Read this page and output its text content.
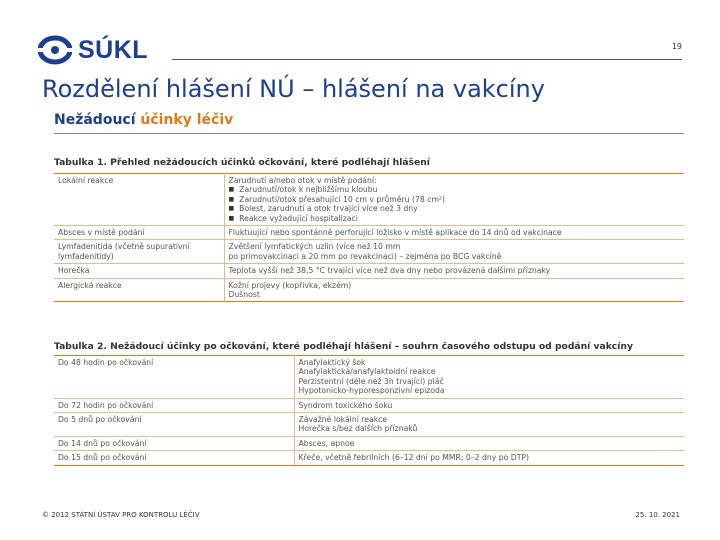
SÚKL	19
Rozdělení hlášení NÚ – hlášení na vakcíny
Nežádoucí účinky léčiv
Tabulka 1. Přehled nežádoucích účinků očkování, které podléhají hlášení
Lokální reakce	Zarudnutí a/nebo otok v místě podání:
■ Zarudnutí/otok k nejbližšímu kloubu
■ Zarudnutí/otok přesahující 10 cm v průměru (78 cm²)
■ Bolest, zarudnutí a otok trvající více než 3 dny
■ Reakce vyžadující hospitalizaci

Absces v místě podání	Fluktuující nebo spontánně perforující ložisko v místě aplikace do 14 dnů od vakcinace

Lymfadenitida (včetně supurativní lymfadenitidy)	Zvětšení lymfatických uzlin (více než 10 mm
po primovakcinaci a 20 mm po revakcinaci) – zejména po BCG vakcíně

Horečka	Teplota vyšší než 38,5 °C trvající více než dva dny nebo provázená dalšími příznaky

Alergická reakce	Kožní projevy (kopřivka, ekzém)
Dušnost
Tabulka 2. Nežádoucí účinky po očkování, které podléhají hlášení – souhrn časového odstupu od podání vakcíny
Do 48 hodin po očkování	Anafylaktický šok
Anafylaktická/anafylaktoidní reakce
Perzistentní (déle než 3h trvající) pláč
Hypotonicko-hyporesponzivní epizoda

Do 72 hodin po očkování	Syndrom toxického šoku

Do 5 dnů po očkování	Závažné lokální reakce
Horečka s/bez dalších příznaků

Do 14 dnů po očkování	Absces, apnoe

Do 15 dnů po očkování	Křeče, včetně febrilních (6–12 dní po MMR; 0–2 dny po DTP)
© 2012 STÁTNÍ ÚSTAV PRO KONTROLU LÉČIV	25. 10. 2021
